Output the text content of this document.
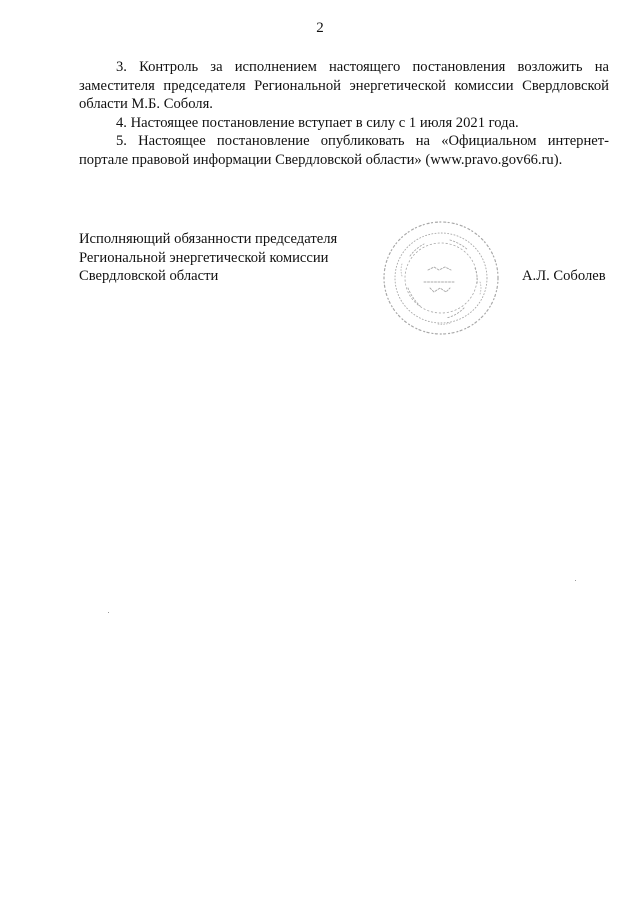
2

3. Контроль за исполнением настоящего постановления возложить на заместителя председателя Региональной энергетической комиссии Свердловской области М.Б. Соболя.

4. Настоящее постановление вступает в силу с 1 июля 2021 года.

5. Настоящее постановление опубликовать на «Официальном интернет-портале правовой информации Свердловской области» (www.pravo.gov66.ru).

Исполняющий обязанности председателя
Региональной энергетической комиссии
Свердловской области	А.Л. Соболев
